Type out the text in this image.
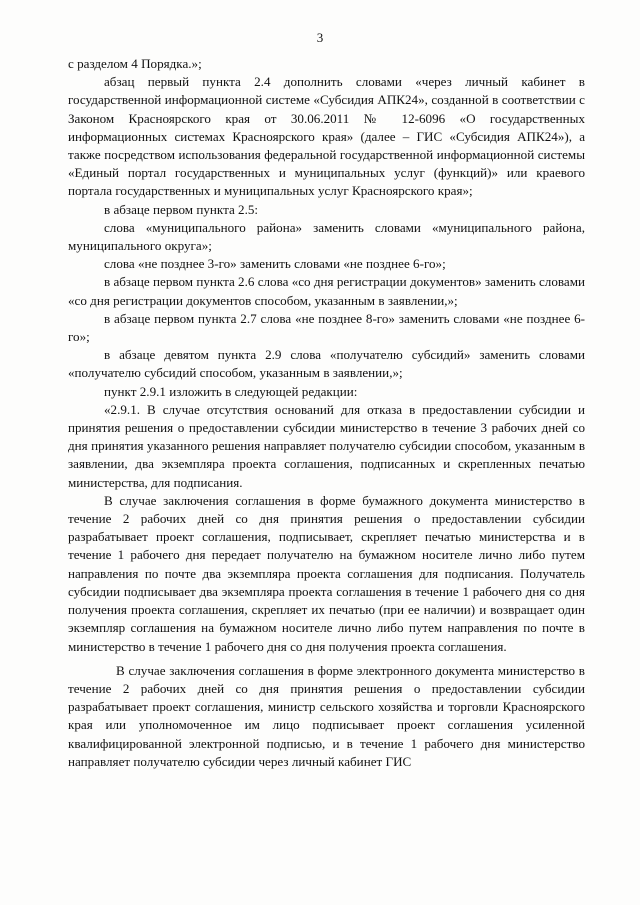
3

с разделом 4 Порядка.»;

абзац первый пункта 2.4 дополнить словами «через личный кабинет в государственной информационной системе «Субсидия АПК24», созданной в соответствии с Законом Красноярского края от 30.06.2011 № 12-6096 «О государственных информационных системах Красноярского края» (далее – ГИС «Субсидия АПК24»), а также посредством использования федеральной государственной информационной системы «Единый портал государственных и муниципальных услуг (функций)» или краевого портала государственных и муниципальных услуг Красноярского края»;

в абзаце первом пункта 2.5:

слова «муниципального района» заменить словами «муниципального района, муниципального округа»;

слова «не позднее 3-го» заменить словами «не позднее 6-го»;

в абзаце первом пункта 2.6 слова «со дня регистрации документов» заменить словами «со дня регистрации документов способом, указанным в заявлении,»;

в абзаце первом пункта 2.7 слова «не позднее 8-го» заменить словами «не позднее 6-го»;

в абзаце девятом пункта 2.9 слова «получателю субсидий» заменить словами «получателю субсидий способом, указанным в заявлении,»;

пункт 2.9.1 изложить в следующей редакции:

«2.9.1. В случае отсутствия оснований для отказа в предоставлении субсидии и принятия решения о предоставлении субсидии министерство в течение 3 рабочих дней со дня принятия указанного решения направляет получателю субсидии способом, указанным в заявлении, два экземпляра проекта соглашения, подписанных и скрепленных печатью министерства, для подписания.

В случае заключения соглашения в форме бумажного документа министерство в течение 2 рабочих дней со дня принятия решения о предоставлении субсидии разрабатывает проект соглашения, подписывает, скрепляет печатью министерства и в течение 1 рабочего дня передает получателю на бумажном носителе лично либо путем направления по почте два экземпляра проекта соглашения для подписания. Получатель субсидии подписывает два экземпляра проекта соглашения в течение 1 рабочего дня со дня получения проекта соглашения, скрепляет их печатью (при ее наличии) и возвращает один экземпляр соглашения на бумажном носителе лично либо путем направления по почте в министерство в течение 1 рабочего дня со дня получения проекта соглашения.

В случае заключения соглашения в форме электронного документа министерство в течение 2 рабочих дней со дня принятия решения о предоставлении субсидии разрабатывает проект соглашения, министр сельского хозяйства и торговли Красноярского края или уполномоченное им лицо подписывает проект соглашения усиленной квалифицированной электронной подписью, и в течение 1 рабочего дня министерство направляет получателю субсидии через личный кабинет ГИС
